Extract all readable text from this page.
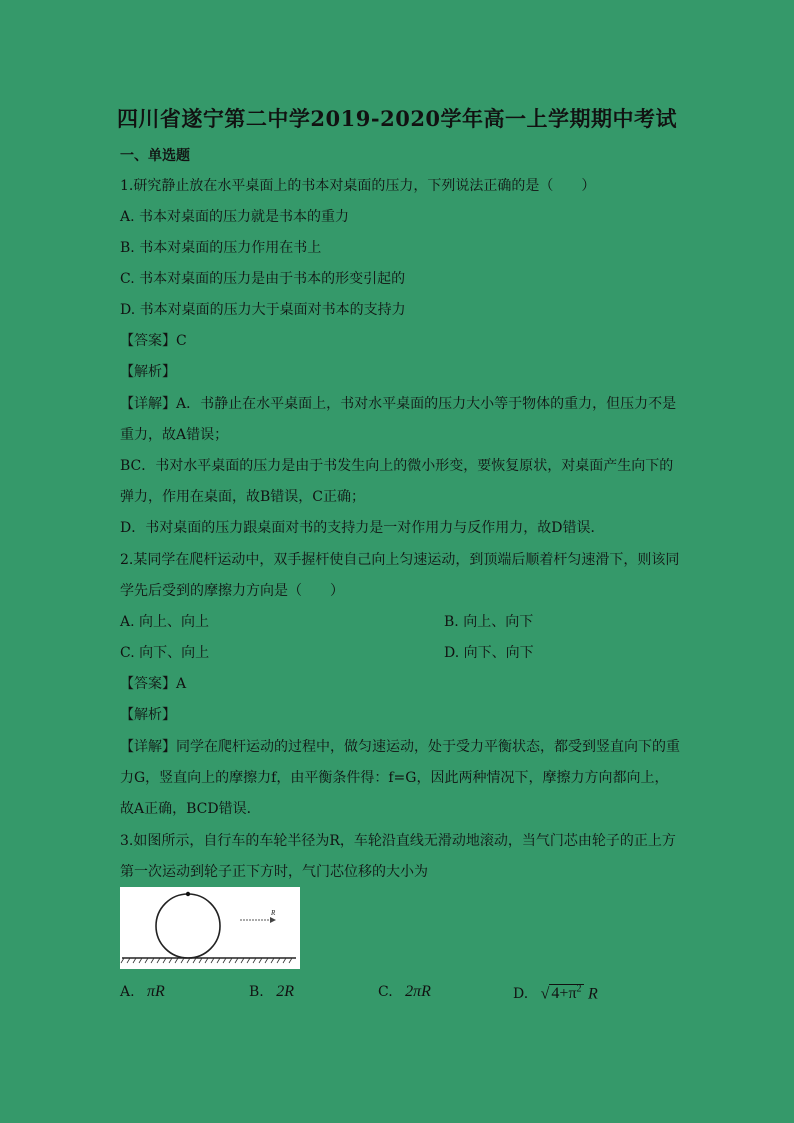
四川省遂宁第二中学2019-2020学年高一上学期期中考试
一、单选题
1.研究静止放在水平桌面上的书本对桌面的压力，下列说法正确的是（　　）
A. 书本对桌面的压力就是书本的重力
B. 书本对桌面的压力作用在书上
C. 书本对桌面的压力是由于书本的形变引起的
D. 书本对桌面的压力大于桌面对书本的支持力
【答案】C
【解析】
【详解】A．书静止在水平桌面上，书对水平桌面的压力大小等于物体的重力，但压力不是
重力，故A错误；
BC．书对水平桌面的压力是由于书发生向上的微小形变，要恢复原状，对桌面产生向下的
弹力，作用在桌面，故B错误，C正确；
D．书对桌面的压力跟桌面对书的支持力是一对作用力与反作用力，故D错误．
2.某同学在爬杆运动中，双手握杆使自己向上匀速运动，到顶端后顺着杆匀速滑下，则该同
学先后受到的摩擦力方向是（　　）
A. 向上、向上	B. 向上、向下
C. 向下、向上	D. 向下、向下
【答案】A
【解析】
【详解】同学在爬杆运动的过程中，做匀速运动，处于受力平衡状态，都受到竖直向下的重
力G，竖直向上的摩擦力f，由平衡条件得：f=G，因此两种情况下，摩擦力方向都向上，
故A正确，BCD错误．
3.如图所示，自行车的车轮半径为R，车轮沿直线无滑动地滚动，当气门芯由轮子的正上方
第一次运动到轮子正下方时，气门芯位移的大小为
R
A. πR	B. 2R	C. 2πR	D. √ $4+\pi^2$ R
